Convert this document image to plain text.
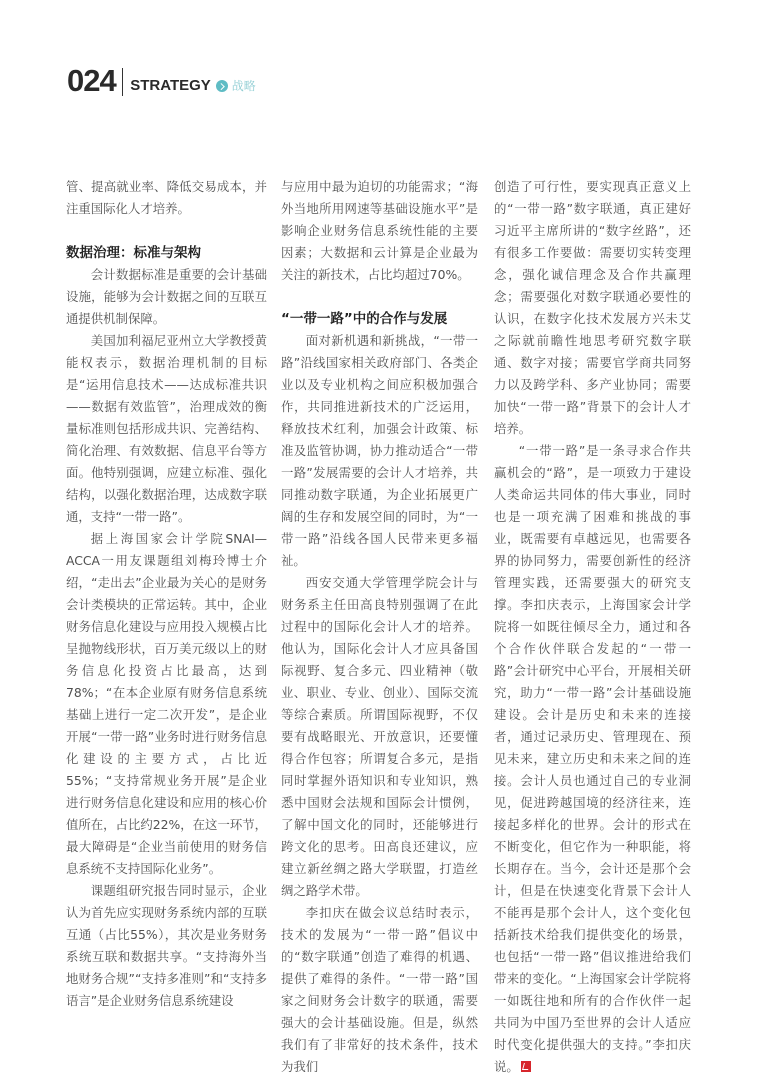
024 STRATEGY 战略

管、提高就业率、降低交易成本，并注重国际化人才培养。

数据治理：标准与架构

会计数据标准是重要的会计基础设施，能够为会计数据之间的互联互通提供机制保障。

美国加利福尼亚州立大学教授黄能权表示，数据治理机制的目标是“运用信息技术——达成标准共识——数据有效监管”，治理成效的衡量标准则包括形成共识、完善结构、简化治理、有效数据、信息平台等方面。他特别强调，应建立标准、强化结构，以强化数据治理，达成数字联通，支持“一带一路”。

据上海国家会计学院SNAI—ACCA一用友课题组刘梅玲博士介绍，“走出去”企业最为关心的是财务会计类模块的正常运转。其中，企业财务信息化建设与应用投入规模占比呈抛物线形状，百万美元级以上的财务信息化投资占比最高，达到78%；“在本企业原有财务信息系统基础上进行一定二次开发”，是企业开展“一带一路”业务时进行财务信息化建设的主要方式，占比近55%；“支持常规业务开展”是企业进行财务信息化建设和应用的核心价值所在，占比约22%，在这一环节，最大障碍是“企业当前使用的财务信息系统不支持国际化业务”。

课题组研究报告同时显示，企业认为首先应实现财务系统内部的互联互通（占比55%），其次是业务财务系统互联和数据共享。“支持海外当地财务合规”“支持多准则”和“支持多语言”是企业财务信息系统建设

与应用中最为迫切的功能需求；“海外当地所用网速等基础设施水平”是影响企业财务信息系统性能的主要因素；大数据和云计算是企业最为关注的新技术，占比均超过70%。

“一带一路”中的合作与发展

面对新机遇和新挑战，“一带一路”沿线国家相关政府部门、各类企业以及专业机构之间应积极加强合作，共同推进新技术的广泛运用，释放技术红利，加强会计政策、标准及监管协调，协力推动适合“一带一路”发展需要的会计人才培养，共同推动数字联通，为企业拓展更广阔的生存和发展空间的同时，为“一带一路”沿线各国人民带来更多福祉。

西安交通大学管理学院会计与财务系主任田高良特别强调了在此过程中的国际化会计人才的培养。他认为，国际化会计人才应具备国际视野、复合多元、四业精神（敬业、职业、专业、创业）、国际交流等综合素质。所谓国际视野，不仅要有战略眼光、开放意识，还要懂得合作包容；所谓复合多元，是指同时掌握外语知识和专业知识，熟悉中国财会法规和国际会计惯例，了解中国文化的同时，还能够进行跨文化的思考。田高良还建议，应建立新丝绸之路大学联盟，打造丝绸之路学术带。

李扣庆在做会议总结时表示，技术的发展为“一带一路”倡议中的“数字联通”创造了难得的机遇、提供了难得的条件。“一带一路”国家之间财务会计数字的联通，需要强大的会计基础设施。但是，纵然我们有了非常好的技术条件，技术为我们

创造了可行性，要实现真正意义上的“一带一路”数字联通，真正建好习近平主席所讲的“数字丝路”，还有很多工作要做：需要切实转变理念，强化诚信理念及合作共赢理念；需要强化对数字联通必要性的认识，在数字化技术发展方兴未艾之际就前瞻性地思考研究数字联通、数字对接；需要官学商共同努力以及跨学科、多产业协同；需要加快“一带一路”背景下的会计人才培养。

“一带一路”是一条寻求合作共赢机会的“路”，是一项致力于建设人类命运共同体的伟大事业，同时也是一项充满了困难和挑战的事业，既需要有卓越远见，也需要各界的协同努力，需要创新性的经济管理实践，还需要强大的研究支撑。李扣庆表示，上海国家会计学院将一如既往倾尽全力，通过和各个合作伙伴联合发起的“一带一路”会计研究中心平台，开展相关研究，助力“一带一路”会计基础设施建设。会计是历史和未来的连接者，通过记录历史、管理现在、预见未来，建立历史和未来之间的连接。会计人员也通过自己的专业洞见，促进跨越国境的经济往来，连接起多样化的世界。会计的形式在不断变化，但它作为一种职能，将长期存在。当今，会计还是那个会计，但是在快速变化背景下会计人不能再是那个会计人，这个变化包括新技术给我们提供变化的场景，也包括“一带一路”倡议推进给我们带来的变化。“上海国家会计学院将一如既往地和所有的合作伙伴一起共同为中国乃至世界的会计人适应时代变化提供强大的支持。”李扣庆说。
